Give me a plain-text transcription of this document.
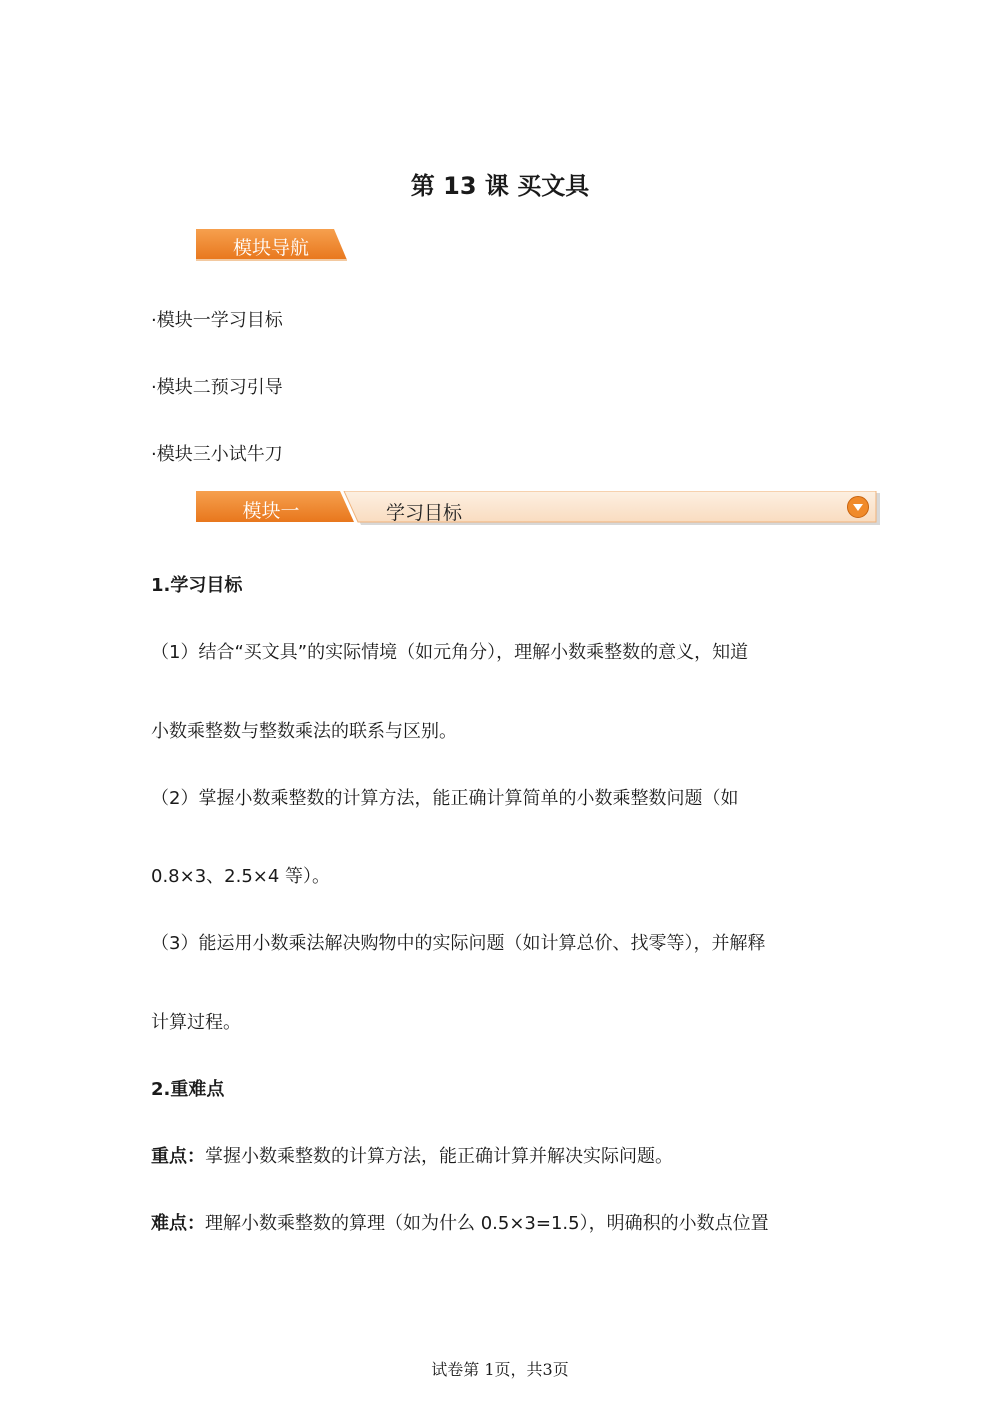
第 13 课 买文具
模块导航
·模块一学习目标
·模块二预习引导
·模块三小试牛刀
模块一	学习目标
1.学习目标
（1）结合“买文具”的实际情境（如元角分），理解小数乘整数的意义，知道
小数乘整数与整数乘法的联系与区别。
（2）掌握小数乘整数的计算方法，能正确计算简单的小数乘整数问题（如
0.8×3、2.5×4 等）。
（3）能运用小数乘法解决购物中的实际问题（如计算总价、找零等），并解释
计算过程。
2.重难点
重点：掌握小数乘整数的计算方法，能正确计算并解决实际问题。
难点：理解小数乘整数的算理（如为什么 0.5×3=1.5），明确积的小数点位置
试卷第 1页，共3页
